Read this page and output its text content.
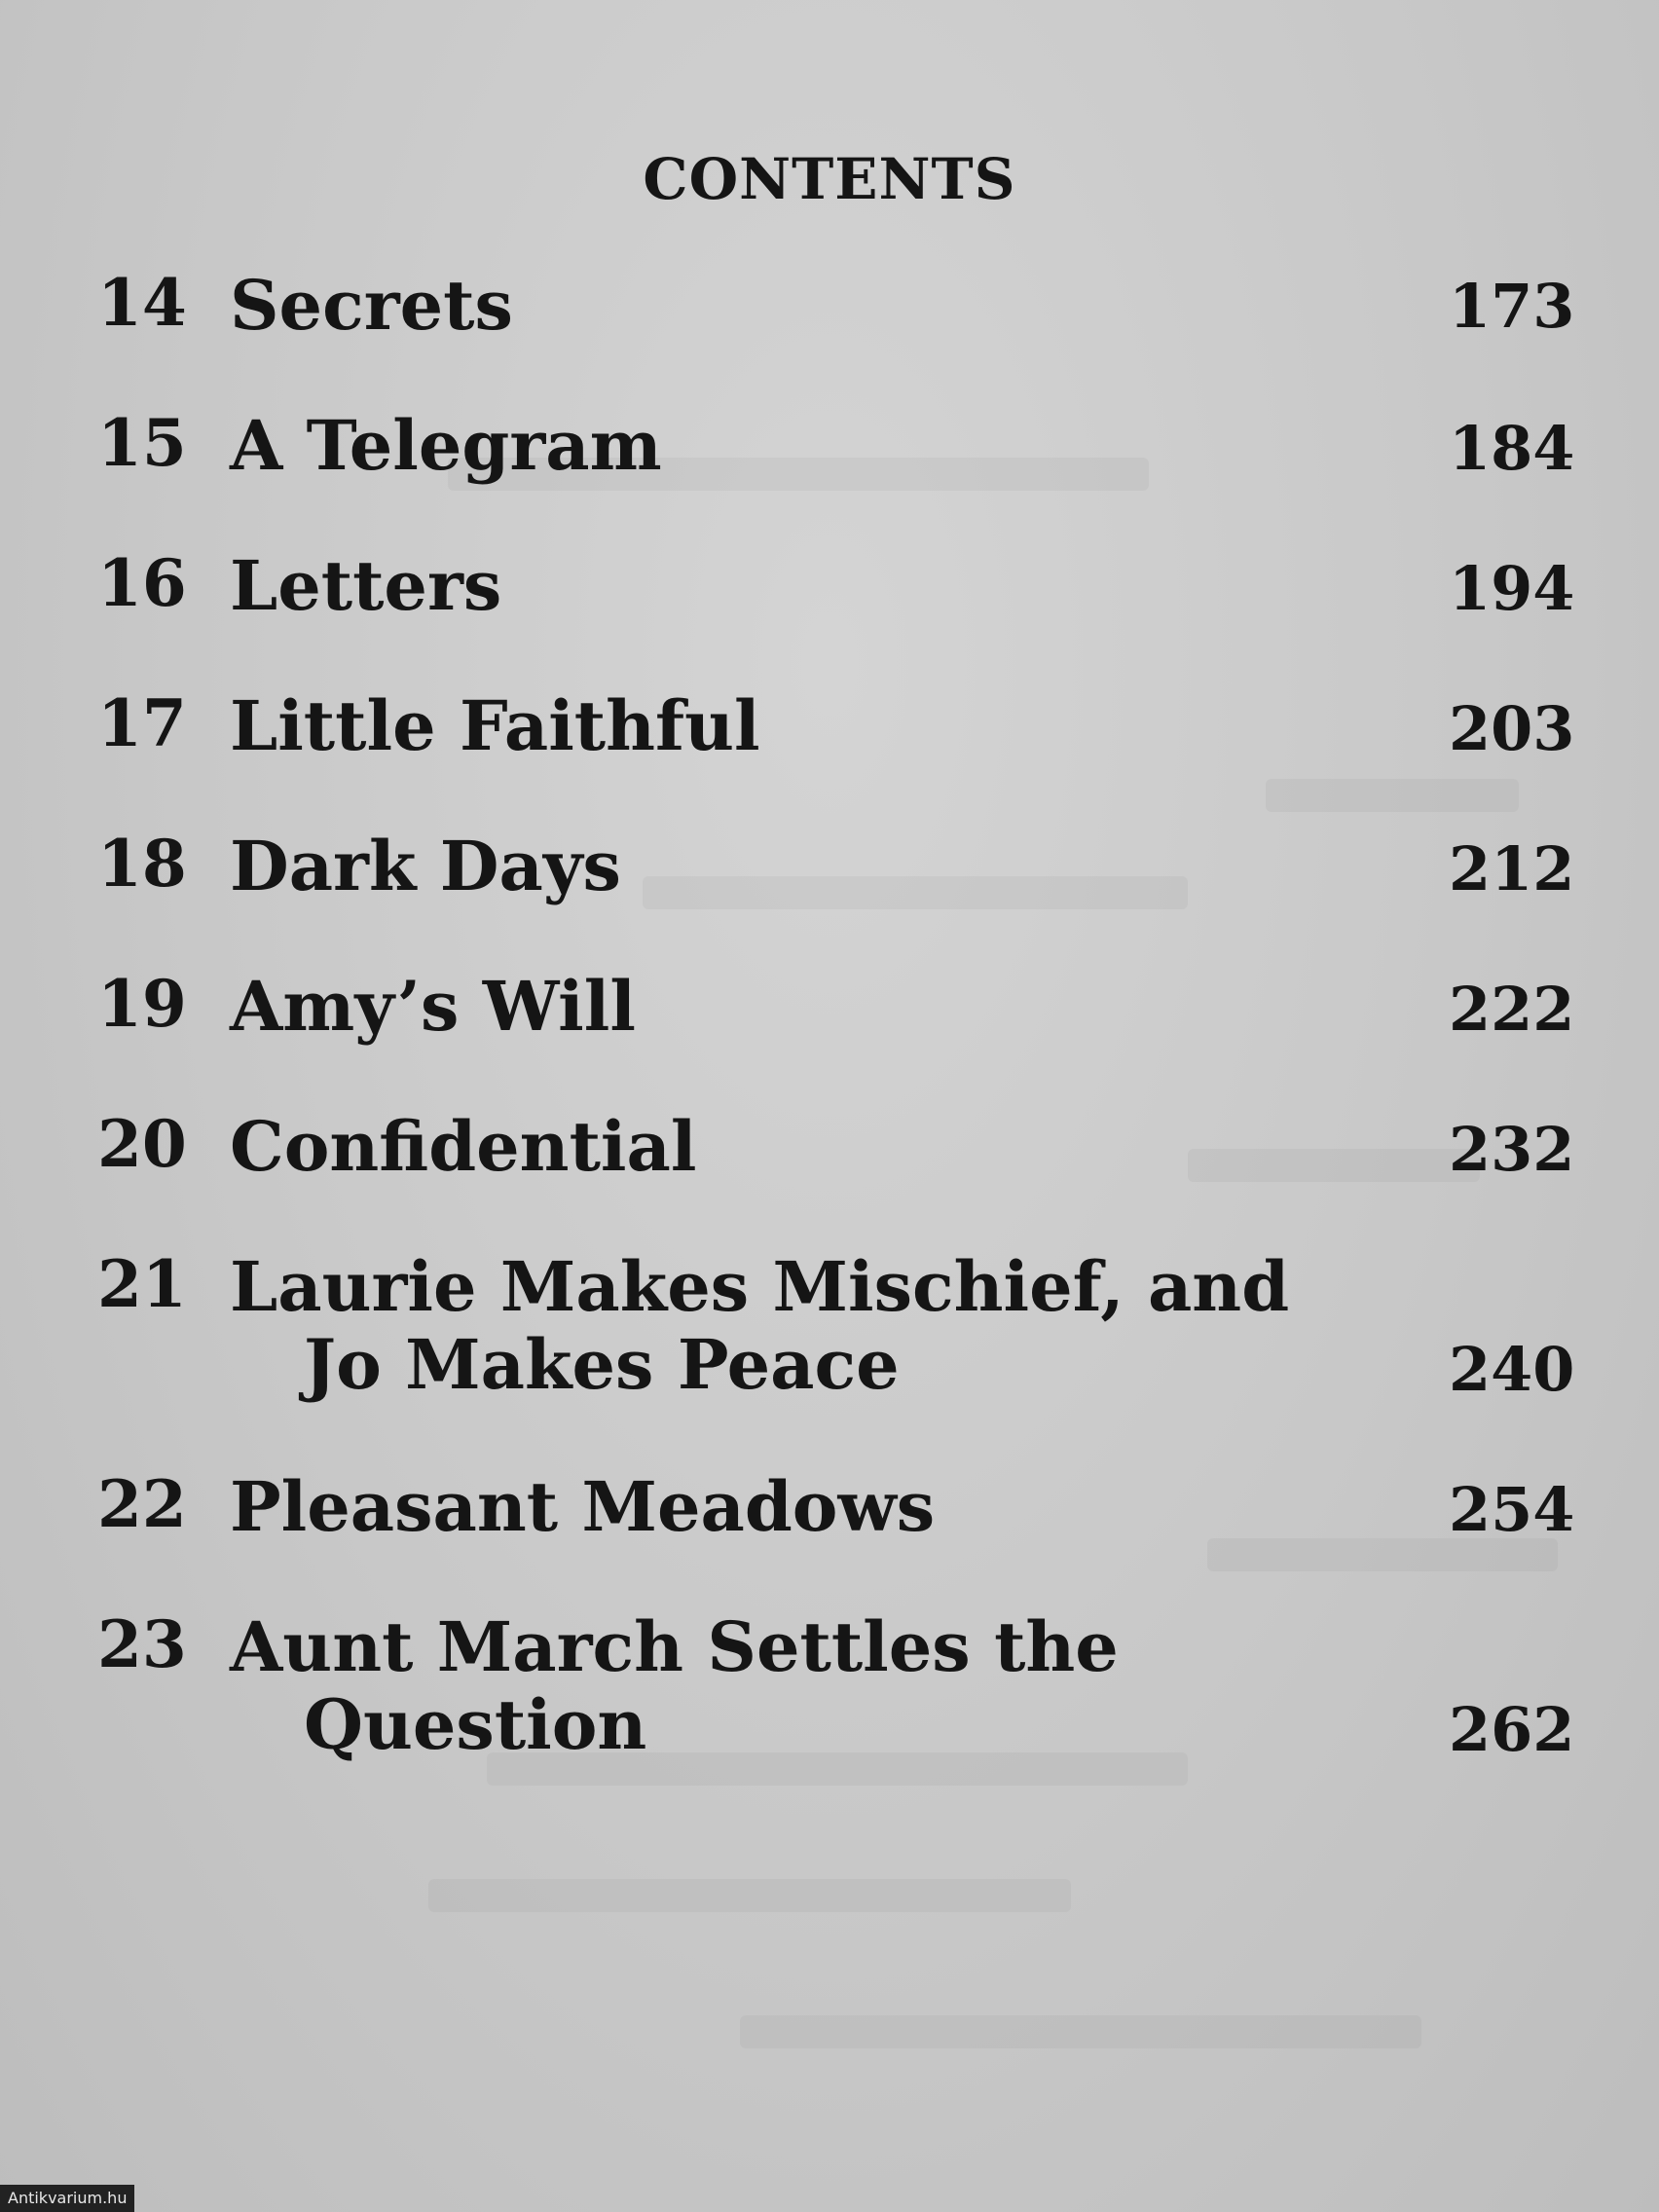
CONTENTS
14 Secrets	173
15 A Telegram	184
16 Letters	194
17 Little Faithful	203
18 Dark Days	212
19 Amy’s Will	222
20 Confidential	232
21 Laurie Makes Mischief, and
Jo Makes Peace	240
22 Pleasant Meadows	254
23 Aunt March Settles the
Question	262
Antikvarium.hu
